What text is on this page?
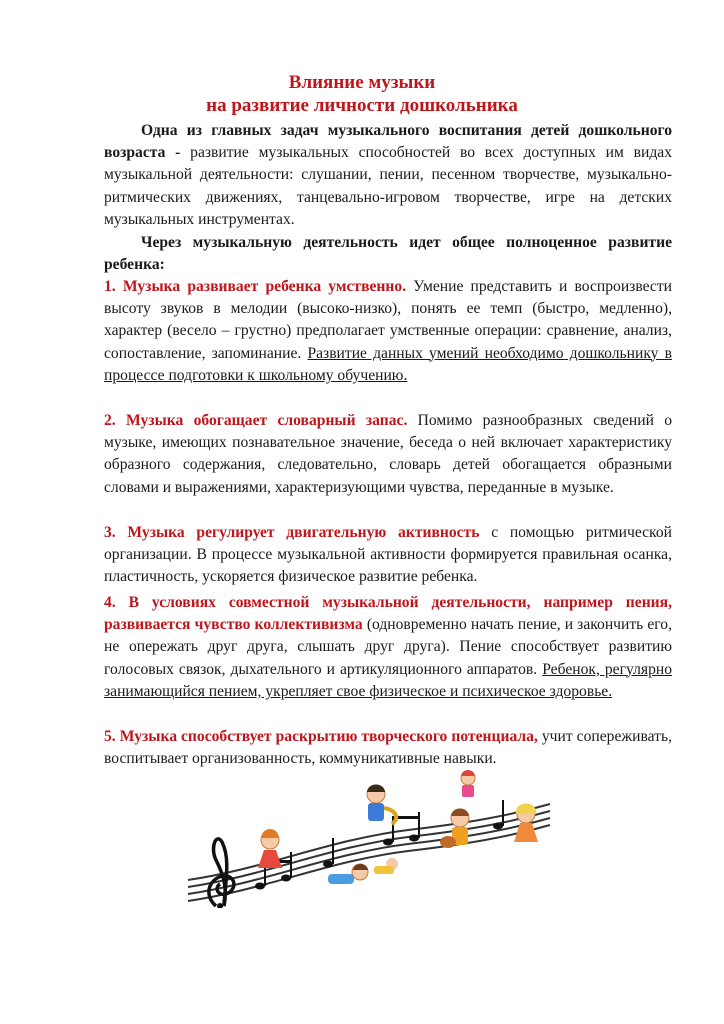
Влияние музыки
на развитие личности дошкольника

Одна из главных задач музыкального воспитания детей дошкольного возраста - развитие музыкальных способностей во всех доступных им видах музыкальной деятельности: слушании, пении, песенном творчестве, музыкально-ритмических движениях, танцевально-игровом творчестве, игре на детских музыкальных инструментах.

Через музыкальную деятельность идет общее полноценное развитие ребенка:

1. Музыка развивает ребенка умственно. Умение представить и воспроизвести высоту звуков в мелодии (высоко-низко), понять ее темп (быстро, медленно), характер (весело – грустно) предполагает умственные операции: сравнение, анализ, сопоставление, запоминание. Развитие данных умений необходимо дошкольнику в процессе подготовки к школьному обучению.

2. Музыка обогащает словарный запас. Помимо разнообразных сведений о музыке, имеющих познавательное значение, беседа о ней включает характеристику образного содержания, следовательно, словарь детей обогащается образными словами и выражениями, характеризующими чувства, переданные в музыке.

3. Музыка регулирует двигательную активность с помощью ритмической организации. В процессе музыкальной активности формируется правильная осанка, пластичность, ускоряется физическое развитие ребенка.

4. В условиях совместной музыкальной деятельности, например пения, развивается чувство коллективизма (одновременно начать пение, и закончить его, не опережать друг друга, слышать друг друга). Пение способствует развитию голосовых связок, дыхательного и артикуляционного аппаратов. Ребенок, регулярно занимающийся пением, укрепляет свое физическое и психическое здоровье.

5. Музыка способствует раскрытию творческого потенциала, учит сопереживать, воспитывает организованность, коммуникативные навыки.
